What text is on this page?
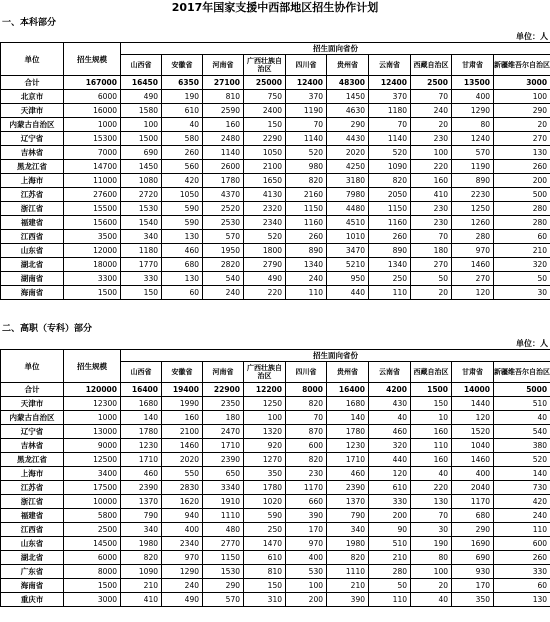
2017年国家支援中西部地区招生协作计划
一、本科部分
单位：人
单位	招生规模	招生面向省份									
		山西省	安徽省	河南省	广西壮族自治区	四川省	贵州省	云南省	西藏自治区	甘肃省	新疆维吾尔自治区
合计	167000	16450	6350	27100	25000	12400	48300	12400	2500	13500	3000
北京市	6000	490	190	810	750	370	1450	370	70	400	100
天津市	16000	1580	610	2590	2400	1190	4630	1180	240	1290	290
内蒙古自治区	1000	100	40	160	150	70	290	70	20	80	20
辽宁省	15300	1500	580	2480	2290	1140	4430	1140	230	1240	270
吉林省	7000	690	260	1140	1050	520	2020	520	100	570	130
黑龙江省	14700	1450	560	2600	2100	980	4250	1090	220	1190	260
上海市	11000	1080	420	1780	1650	820	3180	820	160	890	200
江苏省	27600	2720	1050	4370	4130	2160	7980	2050	410	2230	500
浙江省	15500	1530	590	2520	2320	1150	4480	1150	230	1250	280
福建省	15600	1540	590	2530	2340	1160	4510	1160	230	1260	280
江西省	3500	340	130	570	520	260	1010	260	70	280	60
山东省	12000	1180	460	1950	1800	890	3470	890	180	970	210
湖北省	18000	1770	680	2820	2790	1340	5210	1340	270	1460	320
湖南省	3300	330	130	540	490	240	950	250	50	270	50
海南省	1500	150	60	240	220	110	440	110	20	120	30
二、高职（专科）部分
单位：人
单位	招生规模	招生面向省份									
		山西省	安徽省	河南省	广西壮族自治区	四川省	贵州省	云南省	西藏自治区	甘肃省	新疆维吾尔自治区
合计	120000	16400	19400	22900	12200	8000	16400	4200	1500	14000	5000
天津市	12300	1680	1990	2350	1250	820	1680	430	150	1440	510
内蒙古自治区	1000	140	160	180	100	70	140	40	10	120	40
辽宁省	13000	1780	2100	2470	1320	870	1780	460	160	1520	540
吉林省	9000	1230	1460	1710	920	600	1230	320	110	1040	380
黑龙江省	12500	1710	2020	2390	1270	820	1710	440	160	1460	520
上海市	3400	460	550	650	350	230	460	120	40	400	140
江苏省	17500	2390	2830	3340	1780	1170	2390	610	220	2040	730
浙江省	10000	1370	1620	1910	1020	660	1370	330	130	1170	420
福建省	5800	790	940	1110	590	390	790	200	70	680	240
江西省	2500	340	400	480	250	170	340	90	30	290	110
山东省	14500	1980	2340	2770	1470	970	1980	510	190	1690	600
湖北省	6000	820	970	1150	610	400	820	210	80	690	260
广东省	8000	1090	1290	1530	810	530	1110	280	100	930	330
海南省	1500	210	240	290	150	100	210	50	20	170	60
重庆市	3000	410	490	570	310	200	390	110	40	350	130
